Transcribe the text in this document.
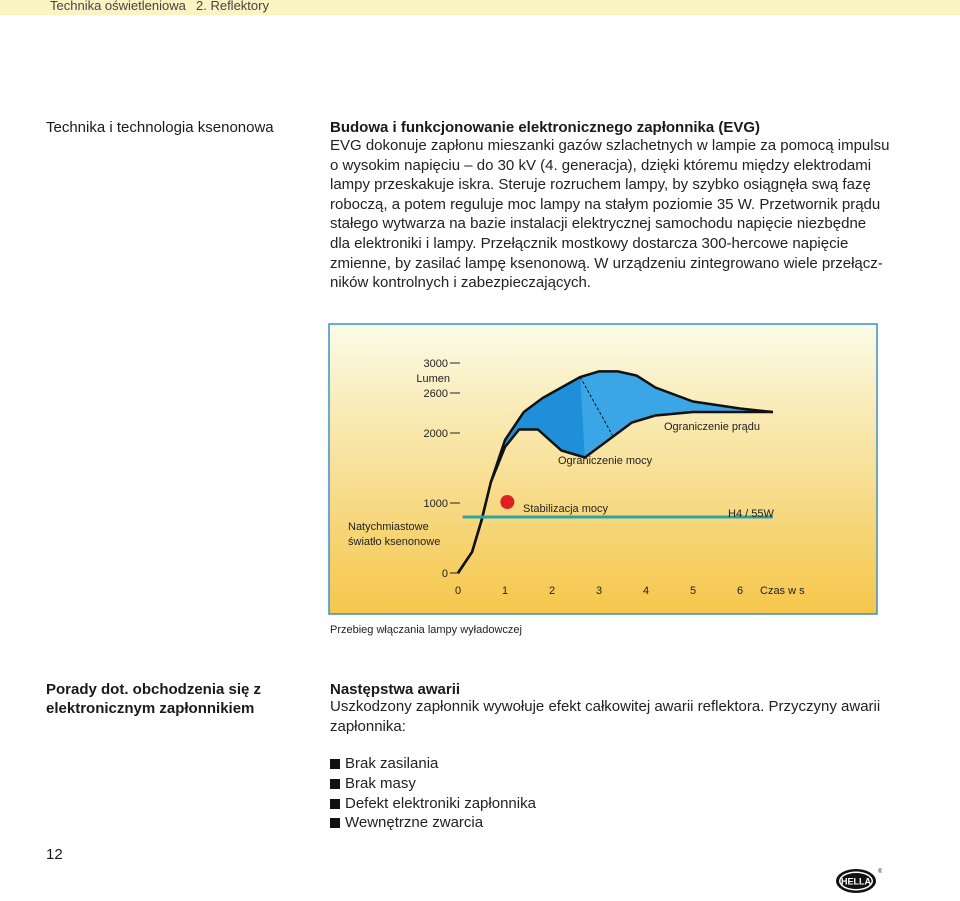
Technika oświetleniowa 2. Reflektory
Technika i technologia ksenonowa	Budowa i funkcjonowanie elektronicznego zapłonnika (EVG)
EVG dokonuje zapłonu mieszanki gazów szlachetnych w lampie za pomocą impulsu
o wysokim napięciu – do 30 kV (4. generacja), dzięki któremu między elektrodami
lampy przeskakuje iskra. Steruje rozruchem lampy, by szybko osiągnęła swą fazę
roboczą, a potem reguluje moc lampy na stałym poziomie 35 W. Przetwornik prądu
stałego wytwarza na bazie instalacji elektrycznej samochodu napięcie niezbędne
dla elektroniki i lampy. Przełącznik mostkowy dostarcza 300-hercowe napięcie
zmienne, by zasilać lampę ksenonową. W urządzeniu zintegrowano wiele przełącz-
ników kontrolnych i zabezpieczających.
3000
2600
2000
1000
0
Lumen
0	1	2	3	4	5	6 Czas w s
Ograniczenie prądu
Ograniczenie mocy
Stabilizacja mocy	H4 / 55W
Natychmiastowe
światło ksenonowe
Przebieg włączania lampy wyładowczej
Porady dot. obchodzenia się z elektronicznym zapłonnikiem
Następstwa awarii
Uszkodzony zapłonnik wywołuje efekt całkowitej awarii reflektora. Przyczyny awarii
zapłonnika:
Brak zasilania
Brak masy
Defekt elektroniki zapłonnika
Wewnętrzne zwarcia
12
HELLA
®
